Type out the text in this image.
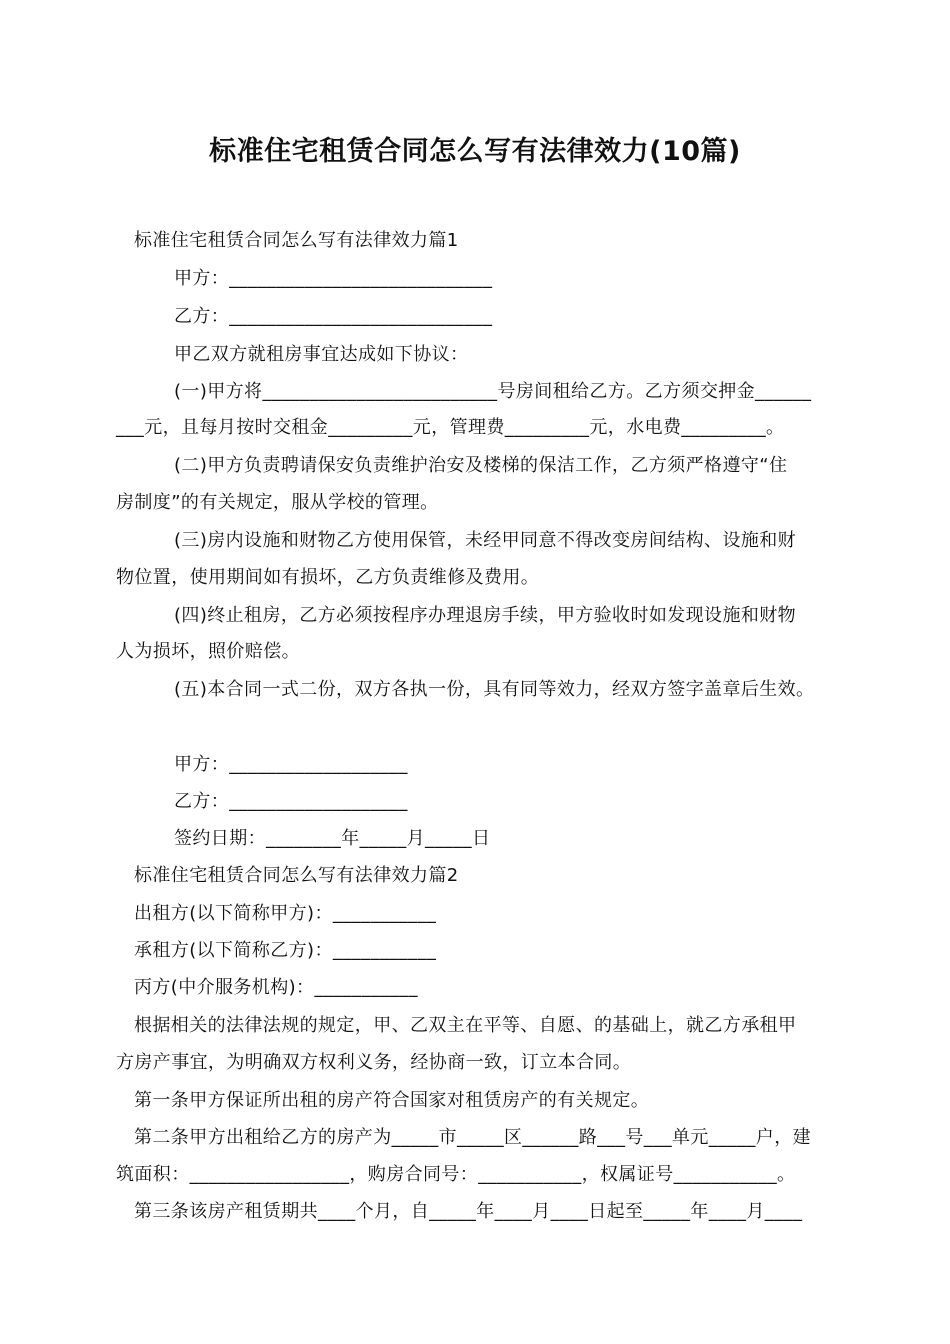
标准住宅租赁合同怎么写有法律效力(10篇)
标准住宅租赁合同怎么写有法律效力篇1
甲方：____________________________
乙方：____________________________
甲乙双方就租房事宜达成如下协议：
(一)甲方将_________________________号房间租给乙方。乙方须交押金______
___元，且每月按时交租金_________元，管理费_________元，水电费_________。
(二)甲方负责聘请保安负责维护治安及楼梯的保洁工作，乙方须严格遵守“住
房制度”的有关规定，服从学校的管理。
(三)房内设施和财物乙方使用保管，未经甲同意不得改变房间结构、设施和财
物位置，使用期间如有损坏，乙方负责维修及费用。
(四)终止租房，乙方必须按程序办理退房手续，甲方验收时如发现设施和财物
人为损坏，照价赔偿。
(五)本合同一式二份，双方各执一份，具有同等效力，经双方签字盖章后生效。
甲方：___________________
乙方：___________________
签约日期：________年_____月_____日
标准住宅租赁合同怎么写有法律效力篇2
出租方(以下简称甲方)：___________
承租方(以下简称乙方)：___________
丙方(中介服务机构)：___________
根据相关的法律法规的规定，甲、乙双主在平等、自愿、的基础上，就乙方承租甲
方房产事宜，为明确双方权利义务，经协商一致，订立本合同。
第一条甲方保证所出租的房产符合国家对租赁房产的有关规定。
第二条甲方出租给乙方的房产为_____市_____区______路___号___单元_____户，建
筑面积：_________________，购房合同号：___________，权属证号___________。
第三条该房产租赁期共____个月，自_____年____月____日起至_____年____月____
